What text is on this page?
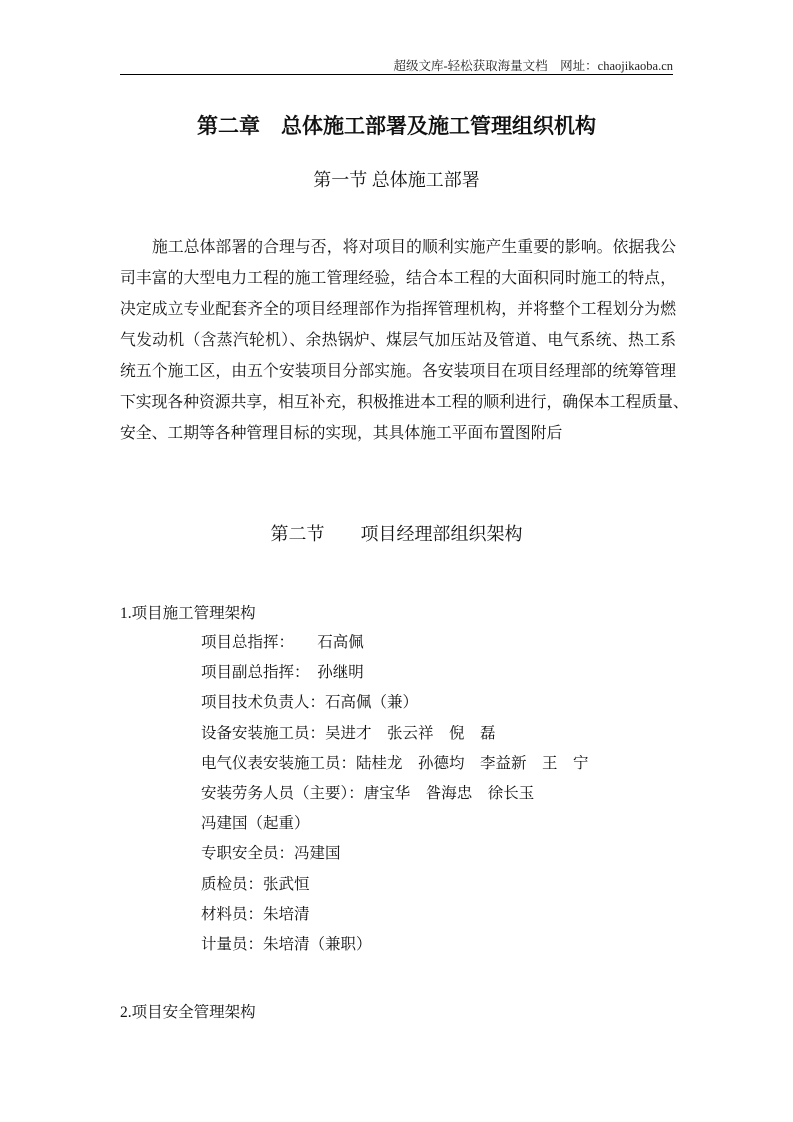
超级文库-轻松获取海量文档    网址：chaojikaoba.cn
第二章　总体施工部署及施工管理组织机构
第一节 总体施工部署
施工总体部署的合理与否，将对项目的顺利实施产生重要的影响。依据我公
司丰富的大型电力工程的施工管理经验，结合本工程的大面积同时施工的特点，
决定成立专业配套齐全的项目经理部作为指挥管理机构，并将整个工程划分为燃
气发动机（含蒸汽轮机）、余热锅炉、煤层气加压站及管道、电气系统、热工系
统五个施工区，由五个安装项目分部实施。各安装项目在项目经理部的统筹管理
下实现各种资源共享，相互补充，积极推进本工程的顺利进行，确保本工程质量、
安全、工期等各种管理目标的实现，其具体施工平面布置图附后
第二节　　项目经理部组织架构
1.项目施工管理架构
项目总指挥：　　石高佩
项目副总指挥：　孙继明
项目技术负责人：石高佩（兼）
设备安装施工员：吴进才　张云祥　倪　磊
电气仪表安装施工员：陆桂龙　孙德均　李益新　王　宁
安装劳务人员（主要）：唐宝华　昝海忠　徐长玉
冯建国（起重）
专职安全员：冯建国
质检员：张武恒
材料员：朱培清
计量员：朱培清（兼职）
2.项目安全管理架构
